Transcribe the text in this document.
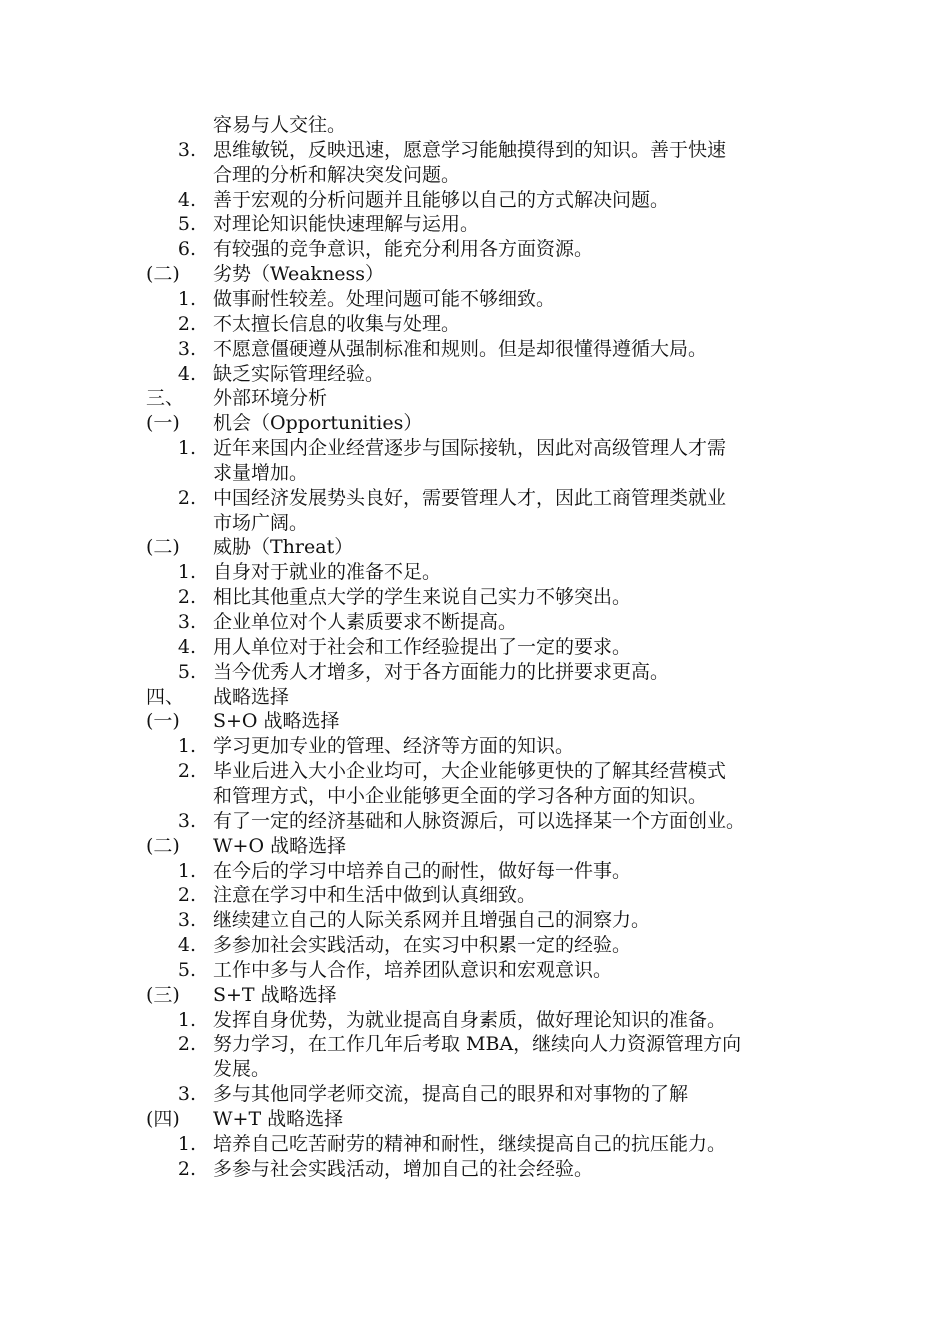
容易与人交往。
3. 思维敏锐，反映迅速，愿意学习能触摸得到的知识。善于快速
合理的分析和解决突发问题。
4. 善于宏观的分析问题并且能够以自己的方式解决问题。
5. 对理论知识能快速理解与运用。
6. 有较强的竞争意识，能充分利用各方面资源。
(二) 劣势（Weakness）
1. 做事耐性较差。处理问题可能不够细致。
2. 不太擅长信息的收集与处理。
3. 不愿意僵硬遵从强制标准和规则。但是却很懂得遵循大局。
4. 缺乏实际管理经验。
三、 外部环境分析
(一) 机会（Opportunities）
1. 近年来国内企业经营逐步与国际接轨，因此对高级管理人才需
求量增加。
2. 中国经济发展势头良好，需要管理人才，因此工商管理类就业
市场广阔。
(二) 威胁（Threat）
1. 自身对于就业的准备不足。
2. 相比其他重点大学的学生来说自己实力不够突出。
3. 企业单位对个人素质要求不断提高。
4. 用人单位对于社会和工作经验提出了一定的要求。
5. 当今优秀人才增多，对于各方面能力的比拼要求更高。
四、 战略选择
(一) S+O 战略选择
1. 学习更加专业的管理、经济等方面的知识。
2. 毕业后进入大小企业均可，大企业能够更快的了解其经营模式
和管理方式，中小企业能够更全面的学习各种方面的知识。
3. 有了一定的经济基础和人脉资源后，可以选择某一个方面创业。
(二) W+O 战略选择
1. 在今后的学习中培养自己的耐性，做好每一件事。
2. 注意在学习中和生活中做到认真细致。
3. 继续建立自己的人际关系网并且增强自己的洞察力。
4. 多参加社会实践活动，在实习中积累一定的经验。
5. 工作中多与人合作，培养团队意识和宏观意识。
(三) S+T 战略选择
1. 发挥自身优势，为就业提高自身素质，做好理论知识的准备。
2. 努力学习，在工作几年后考取 MBA，继续向人力资源管理方向
发展。
3. 多与其他同学老师交流，提高自己的眼界和对事物的了解
(四) W+T 战略选择
1. 培养自己吃苦耐劳的精神和耐性，继续提高自己的抗压能力。
2. 多参与社会实践活动，增加自己的社会经验。
